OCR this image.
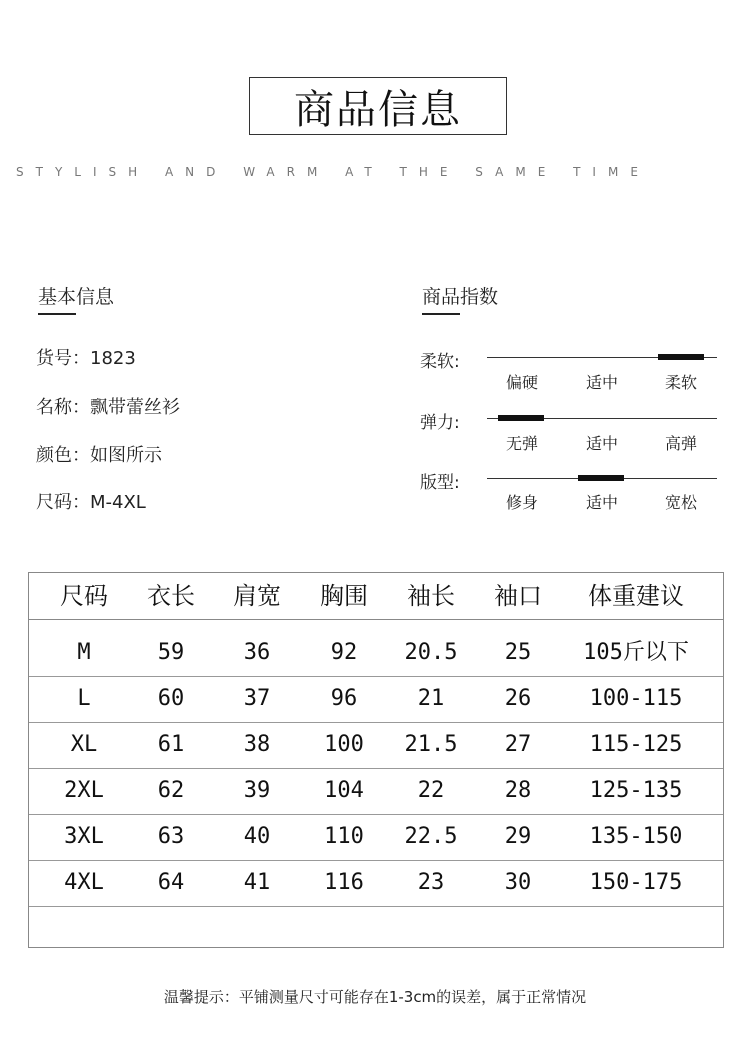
商品信息
STYLISH AND WARM AT THE SAME TIME
基本信息
货号：1823
名称：飘带蕾丝衫
颜色：如图所示
尺码：M-4XL
商品指数
柔软:
偏硬	适中	柔软
弹力:
无弹	适中	高弹
版型:
修身	适中	宽松
尺码	衣长	肩宽	胸围	袖长	袖口	体重建议
M	59	36	92	20.5	25	105斤以下
L	60	37	96	21	26	100-115
XL	61	38	100	21.5	27	115-125
2XL	62	39	104	22	28	125-135
3XL	63	40	110	22.5	29	135-150
4XL	64	41	116	23	30	150-175
温馨提示：平铺测量尺寸可能存在1-3cm的误差，属于正常情况
